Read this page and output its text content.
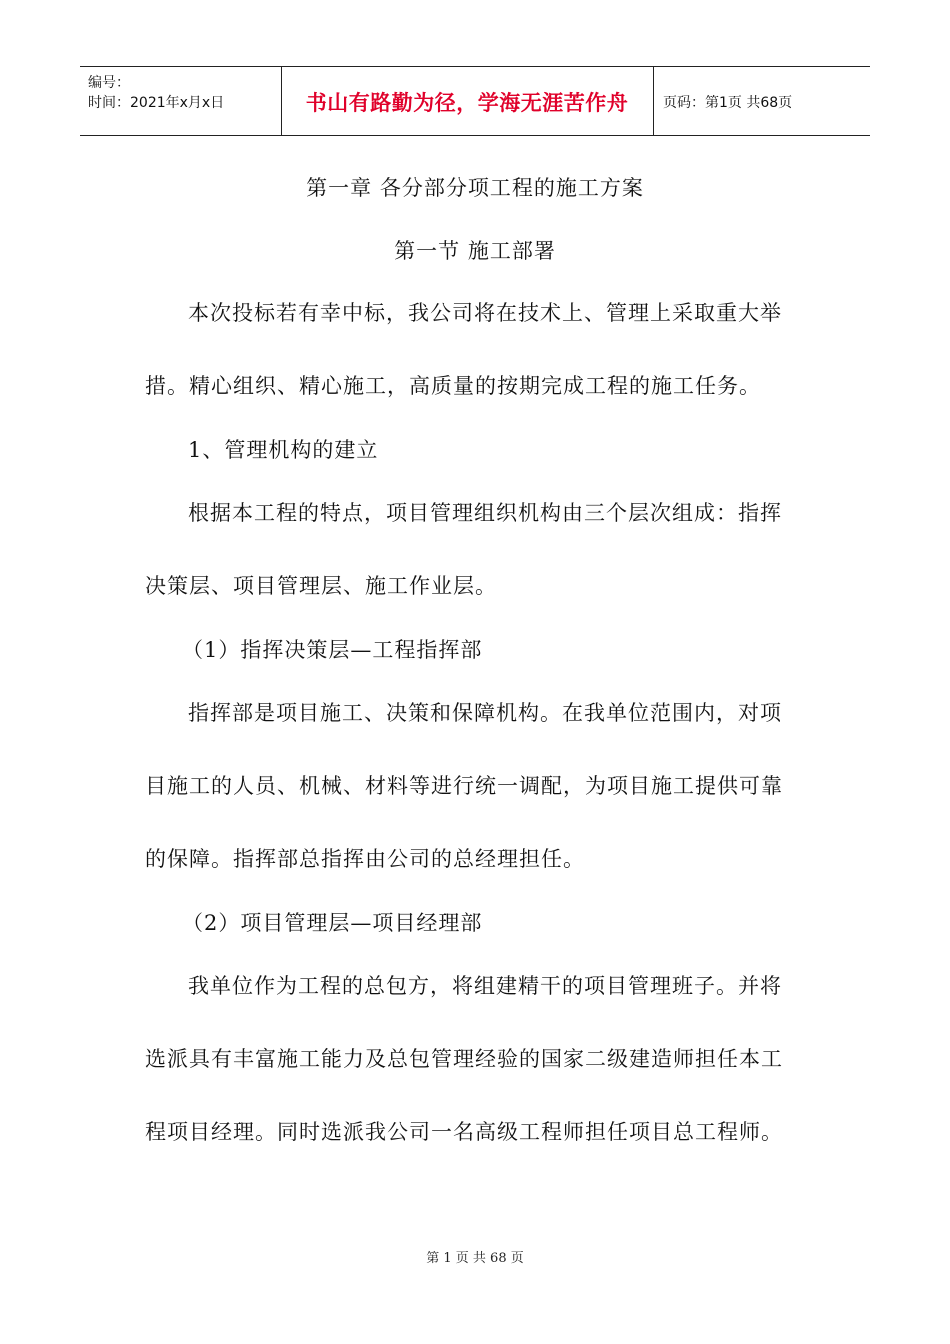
编号：
时间：2021年x月x日	书山有路勤为径，学海无涯苦作舟	页码：第1页 共68页
第一章 各分部分项工程的施工方案
第一节 施工部署
本次投标若有幸中标，我公司将在技术上、管理上采取重大举
措。精心组织、精心施工，高质量的按期完成工程的施工任务。
1、管理机构的建立
根据本工程的特点，项目管理组织机构由三个层次组成：指挥
决策层、项目管理层、施工作业层。
（1）指挥决策层—工程指挥部
指挥部是项目施工、决策和保障机构。在我单位范围内，对项
目施工的人员、机械、材料等进行统一调配，为项目施工提供可靠
的保障。指挥部总指挥由公司的总经理担任。
（2）项目管理层—项目经理部
我单位作为工程的总包方，将组建精干的项目管理班子。并将
选派具有丰富施工能力及总包管理经验的国家二级建造师担任本工
程项目经理。同时选派我公司一名高级工程师担任项目总工程师。
第 1 页 共 68 页
